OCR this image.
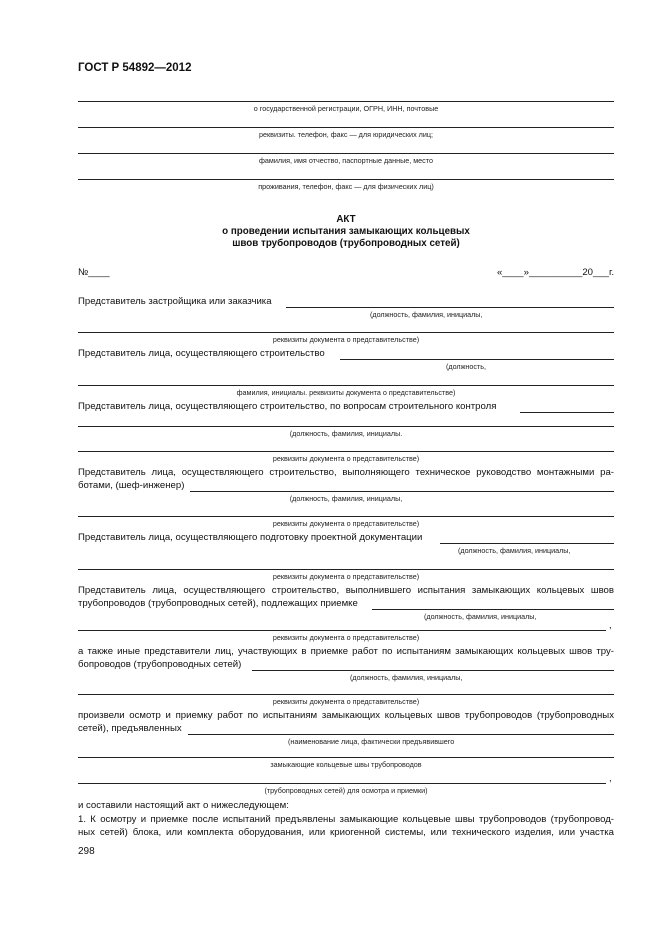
ГОСТ Р 54892—2012
о государственной регистрации, ОГРН, ИНН, почтовые
реквизиты. телефон, факс — для юридических лиц;
фамилия, имя отчество, паспортные данные, место
проживания, телефон, факс — для физических лиц)
АКТ
о проведении испытания замыкающих кольцевых
швов трубопроводов (трубопроводных сетей)
№____	«____»__________20___г.
Представитель застройщика или заказчика
(должность, фамилия, инициалы,
реквизиты документа о представительстве)
Представитель лица, осуществляющего строительство
(должность,
фамилия, инициалы. реквизиты документа о представительстве)
Представитель лица, осуществляющего строительство, по вопросам строительного контроля
(должность, фамилия, инициалы.
реквизиты документа о представительстве)
Представитель лица, осуществляющего строительство, выполняющего техническое руководство монтажными ра-
ботами, (шеф-инженер)
(должность, фамилия, инициалы,
реквизиты документа о представительстве)
Представитель лица, осуществляющего подготовку проектной документации
(должность, фамилия, инициалы,
реквизиты документа о представительстве)
Представитель лица, осуществляющего строительство, выполнившего испытания замыкающих кольцевых швов
трубопроводов (трубопроводных сетей), подлежащих приемке
(должность, фамилия, инициалы,
,
реквизиты документа о представительстве)
а также иные представители лиц, участвующих в приемке работ по испытаниям замыкающих кольцевых швов тру-
бопроводов (трубопроводных сетей)
(должность, фамилия, инициалы,
реквизиты документа о представительстве)
произвели осмотр и приемку работ по испытаниям замыкающих кольцевых швов трубопроводов (трубопроводных
сетей), предъявленных
(наименование лица, фактически предъявившего
замыкающие кольцевые швы трубопроводов
,
(трубопроводных сетей) для осмотра и приемки)
и составили настоящий акт о нижеследующем:
1. К осмотру и приемке после испытаний предъявлены замыкающие кольцевые швы трубопроводов (трубопровод-
ных сетей) блока, или комплекта оборудования, или криогенной системы, или технического изделия, или участка
298
